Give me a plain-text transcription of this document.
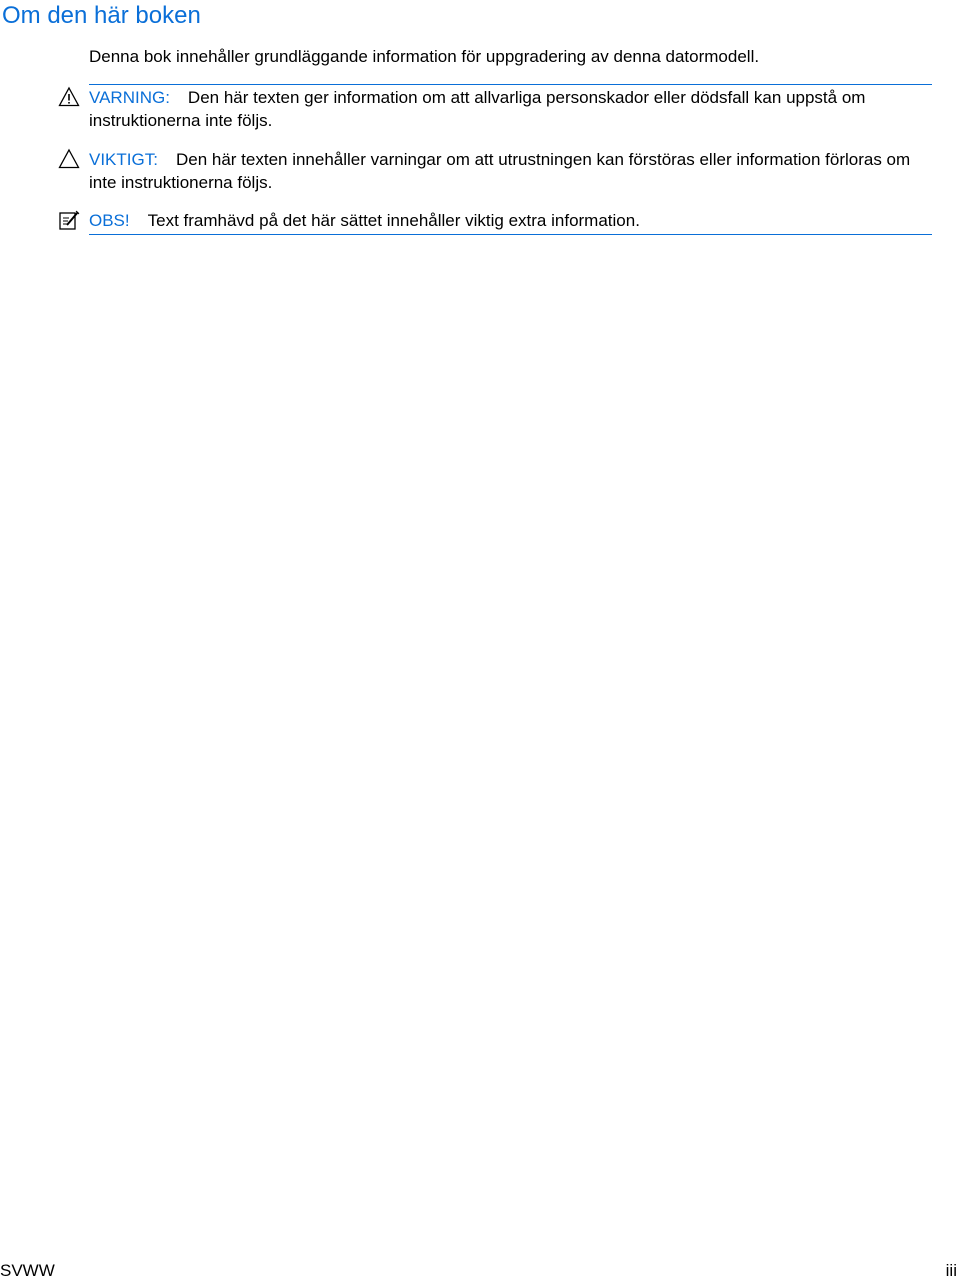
Om den här boken

Denna bok innehåller grundläggande information för uppgradering av denna datormodell.

VARNING: Den här texten ger information om att allvarliga personskador eller dödsfall kan uppstå om instruktionerna inte följs.
VIKTIGT: Den här texten innehåller varningar om att utrustningen kan förstöras eller information förloras om inte instruktionerna följs.
OBS! Text framhävd på det här sättet innehåller viktig extra information.
SVWW	iii
